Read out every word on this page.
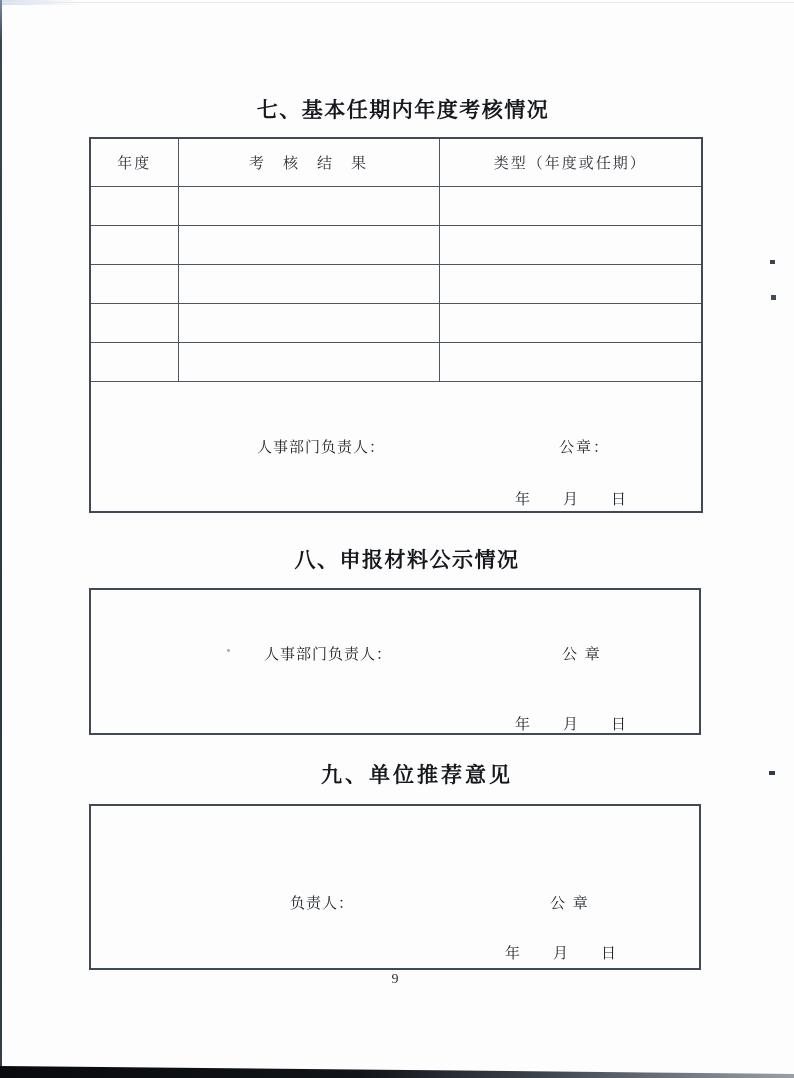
七、基本任期内年度考核情况
年度	考　核　结　果	类型（年度或任期）

人事部门负责人： 公章：
年 月 日		
八、申报材料公示情况
人事部门负责人：	公 章
年 月 日
九、单位推荐意见
负责人：	公 章
年 月 日
9
